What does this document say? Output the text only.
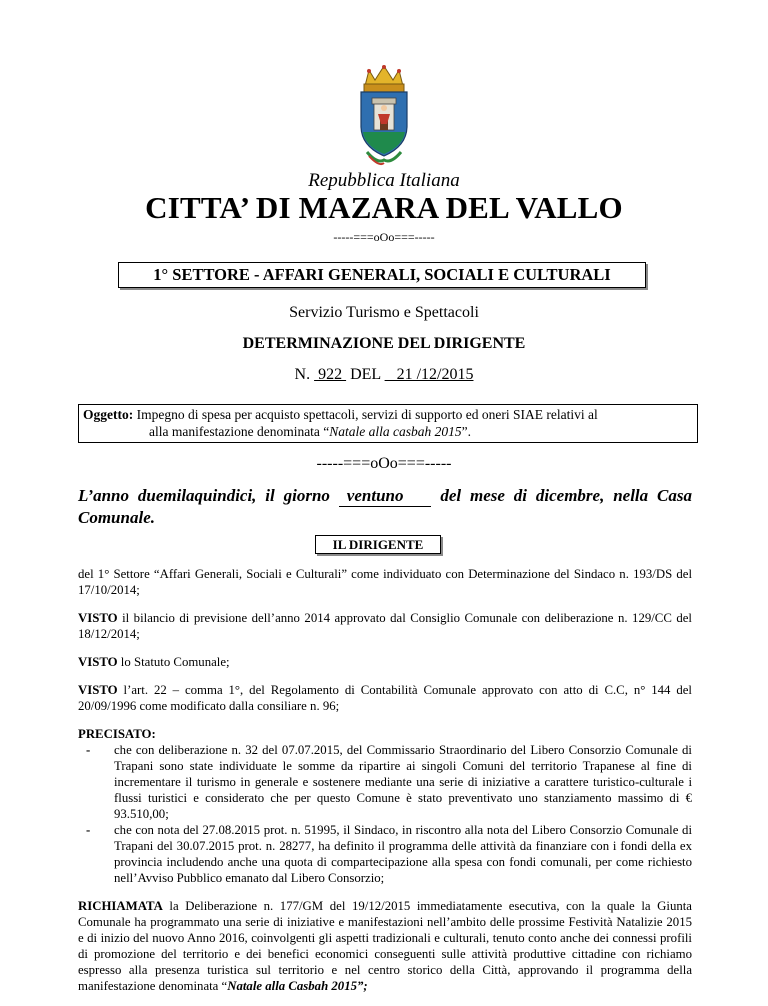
Repubblica Italiana
CITTA’ DI MAZARA DEL VALLO
-----===oOo===-----
1° SETTORE - AFFARI GENERALI, SOCIALI E CULTURALI
Servizio Turismo e Spettacoli
DETERMINAZIONE DEL DIRIGENTE
N.  922  DEL    21 /12/2015
Oggetto: Impegno di spesa per acquisto spettacoli, servizi di supporto ed oneri SIAE relativi al
alla manifestazione denominata “Natale alla casbah 2015”.
-----===oOo===-----
L’anno duemilaquindici, il giorno ventuno del mese di dicembre, nella Casa Comunale.
IL DIRIGENTE

del 1° Settore “Affari Generali, Sociali e Culturali” come individuato con Determinazione del Sindaco n. 193/DS del 17/10/2014;

VISTO il bilancio di previsione dell’anno 2014 approvato dal Consiglio Comunale con deliberazione n. 129/CC del 18/12/2014;

VISTO lo Statuto Comunale;

VISTO l’art. 22 – comma 1°, del Regolamento di Contabilità Comunale approvato con atto di C.C, n° 144 del 20/09/1996 come modificato dalla consiliare n. 96;

PRECISATO:
- che con deliberazione n. 32 del 07.07.2015, del Commissario Straordinario del Libero Consorzio Comunale di Trapani sono state individuate le somme da ripartire ai singoli Comuni del territorio Trapanese al fine di incrementare il turismo in generale e sostenere mediante una serie di iniziative a carattere turistico-culturale i flussi turistici e considerato che per questo Comune è stato preventivato uno stanziamento massimo di € 93.510,00;
- che con nota del 27.08.2015 prot. n. 51995, il Sindaco, in riscontro alla nota del Libero Consorzio Comunale di Trapani del 30.07.2015 prot. n. 28277, ha definito il programma delle attività da finanziare con i fondi della ex provincia includendo anche una quota di compartecipazione alla spesa con fondi comunali, per come richiesto nell’Avviso Pubblico emanato dal Libero Consorzio;

RICHIAMATA la Deliberazione n. 177/GM del 19/12/2015 immediatamente esecutiva, con la quale la Giunta Comunale ha programmato una serie di iniziative e manifestazioni nell’ambito delle prossime Festività Natalizie 2015 e di inizio del nuovo Anno 2016, coinvolgenti gli aspetti tradizionali e culturali, tenuto conto anche dei connessi profili di promozione del territorio e dei benefici economici conseguenti sulle attività produttive cittadine con richiamo espresso alla presenza turistica sul territorio e nel centro storico della Città, approvando il programma della manifestazione denominata “Natale alla Casbah 2015”;
